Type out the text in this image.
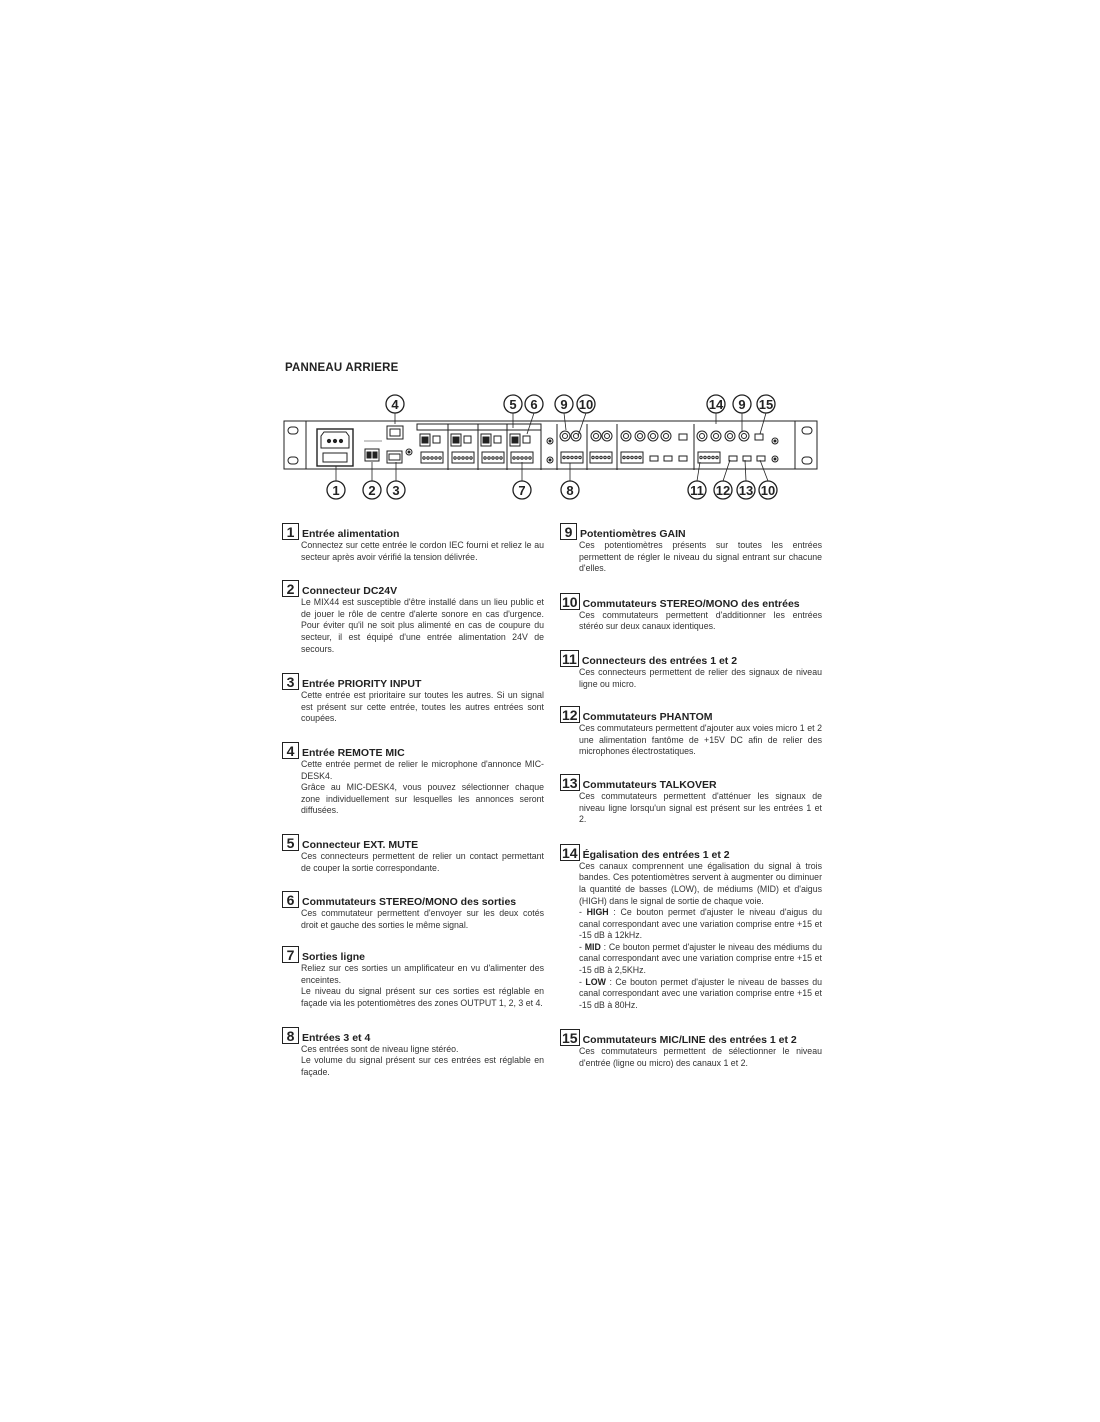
PANNEAU ARRIERE
4	5 6 9 10	14 9 15
1 2 3	7	8	11 12 13 10
1 Entrée alimentation

Connectez sur cette entrée le cordon IEC fourni et reliez le au secteur après avoir vérifié la tension délivrée.

2 Connecteur DC24V

Le MIX44 est susceptible d'être installé dans un lieu public et de jouer le rôle de centre d'alerte sonore en cas d'urgence. Pour éviter qu'il ne soit plus alimenté en cas de coupure du secteur, il est équipé d'une entrée alimentation 24V de secours.

3 Entrée PRIORITY INPUT

Cette entrée est prioritaire sur toutes les autres. Si un signal est présent sur cette entrée, toutes les autres entrées sont coupées.

4 Entrée REMOTE MIC

Cette entrée permet de relier le microphone d'annonce MIC-DESK4.

Grâce au MIC-DESK4, vous pouvez sélectionner chaque zone individuellement sur lesquelles les annonces seront diffusées.

5 Connecteur EXT. MUTE

Ces connecteurs permettent de relier un contact permettant de couper la sortie correspondante.

6 Commutateurs STEREO/MONO des sorties

Ces commutateur permettent d'envoyer sur les deux cotés droit et gauche des sorties le même signal.

7 Sorties ligne

Reliez sur ces sorties un amplificateur en vu d'alimenter des enceintes.

Le niveau du signal présent sur ces sorties est réglable en façade via les potentiomètres des zones OUTPUT 1, 2, 3 et 4.

8 Entrées 3 et 4

Ces entrées sont de niveau ligne stéréo.

Le volume du signal présent sur ces entrées est réglable en façade.

9 Potentiomètres GAIN

Ces potentiomètres présents sur toutes les entrées permettent de régler le niveau du signal entrant sur chacune d'elles.

10 Commutateurs STEREO/MONO des entrées

Ces commutateurs permettent d'additionner les entrées stéréo sur deux canaux identiques.

11 Connecteurs des entrées 1 et 2

Ces connecteurs permettent de relier des signaux de niveau ligne ou micro.

12 Commutateurs PHANTOM

Ces commutateurs permettent d'ajouter aux voies micro 1 et 2 une alimentation fantôme de +15V DC afin de relier des microphones électrostatiques.

13 Commutateurs TALKOVER

Ces commutateurs permettent d'atténuer les signaux de niveau ligne lorsqu'un signal est présent sur les entrées 1 et 2.

14 Égalisation des entrées 1 et 2

Ces canaux comprennent une égalisation du signal à trois bandes. Ces potentiomètres servent à augmenter ou diminuer la quantité de basses (LOW), de médiums (MID) et d'aigus (HIGH) dans le signal de sortie de chaque voie.

- HIGH : Ce bouton permet d'ajuster le niveau d'aigus du canal correspondant avec une variation comprise entre +15 et -15 dB à 12kHz.

- MID : Ce bouton permet d'ajuster le niveau des médiums du canal correspondant avec une variation comprise entre +15 et -15 dB à 2,5KHz.

- LOW : Ce bouton permet d'ajuster le niveau de basses du canal correspondant avec une variation comprise entre +15 et -15 dB à 80Hz.

15 Commutateurs MIC/LINE des entrées 1 et 2

Ces commutateurs permettent de sélectionner le niveau d'entrée (ligne ou micro) des canaux 1 et 2.
